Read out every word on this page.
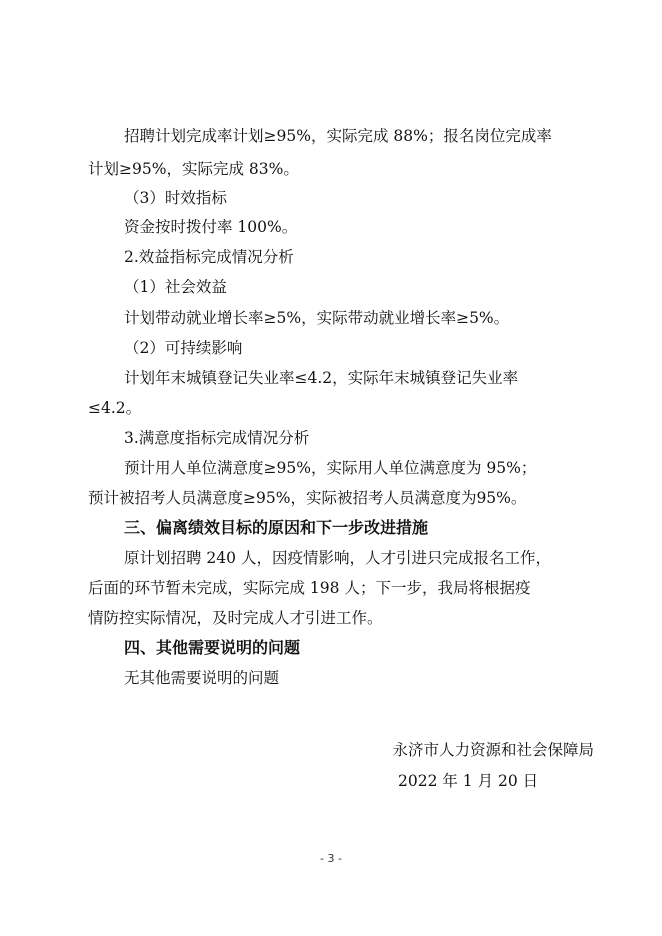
招聘计划完成率计划≥95%，实际完成 88%；报名岗位完成率
计划≥95%，实际完成 83%。
（3）时效指标
资金按时拨付率 100%。
2.效益指标完成情况分析
（1）社会效益
计划带动就业增长率≥5%，实际带动就业增长率≥5%。
（2）可持续影响
计划年末城镇登记失业率≤4.2，实际年末城镇登记失业率
≤4.2。
3.满意度指标完成情况分析
预计用人单位满意度≥95%，实际用人单位满意度为 95%；
预计被招考人员满意度≥95%，实际被招考人员满意度为95%。
三、偏离绩效目标的原因和下一步改进措施
原计划招聘 240 人，因疫情影响，人才引进只完成报名工作，
后面的环节暂未完成，实际完成 198 人；下一步，我局将根据疫
情防控实际情况，及时完成人才引进工作。
四、其他需要说明的问题
无其他需要说明的问题
永济市人力资源和社会保障局
2022 年 1 月 20 日
- 3 -
